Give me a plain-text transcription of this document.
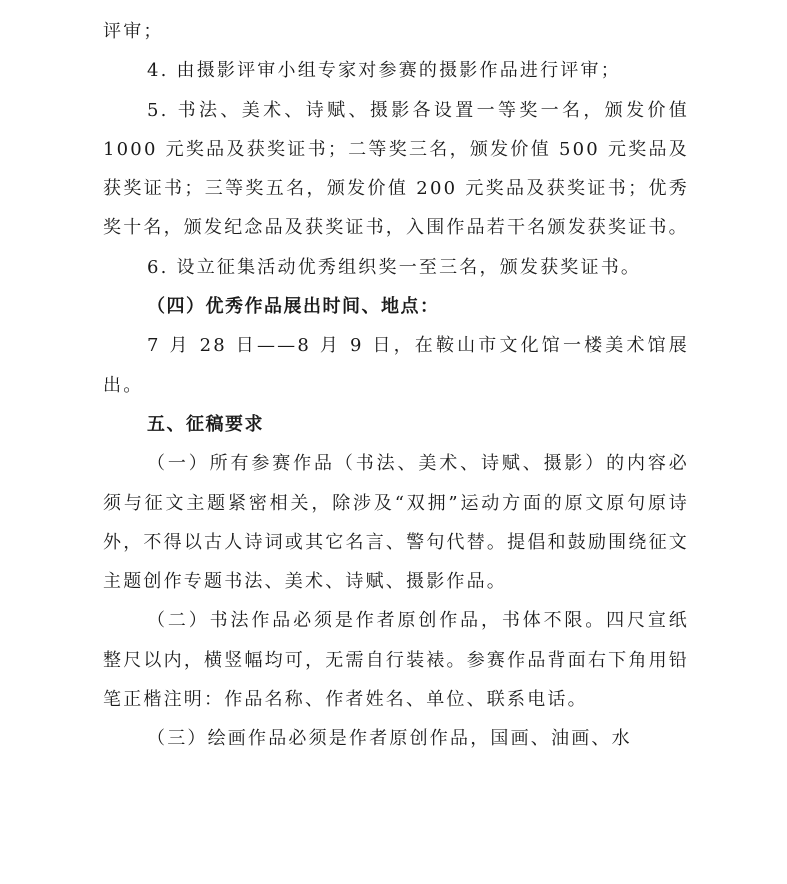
评审；

4. 由摄影评审小组专家对参赛的摄影作品进行评审；

5. 书法、美术、诗赋、摄影各设置一等奖一名，颁发价值 1000 元奖品及获奖证书；二等奖三名，颁发价值 500 元奖品及获奖证书；三等奖五名，颁发价值 200 元奖品及获奖证书；优秀奖十名，颁发纪念品及获奖证书，入围作品若干名颁发获奖证书。

6. 设立征集活动优秀组织奖一至三名，颁发获奖证书。

（四）优秀作品展出时间、地点：

7 月 28 日——8 月 9 日，在鞍山市文化馆一楼美术馆展出。

五、征稿要求

（一）所有参赛作品（书法、美术、诗赋、摄影）的内容必须与征文主题紧密相关，除涉及“双拥”运动方面的原文原句原诗外，不得以古人诗词或其它名言、警句代替。提倡和鼓励围绕征文主题创作专题书法、美术、诗赋、摄影作品。

（二）书法作品必须是作者原创作品，书体不限。四尺宣纸整尺以内，横竖幅均可，无需自行装裱。参赛作品背面右下角用铅笔正楷注明：作品名称、作者姓名、单位、联系电话。

（三）绘画作品必须是作者原创作品，国画、油画、水
